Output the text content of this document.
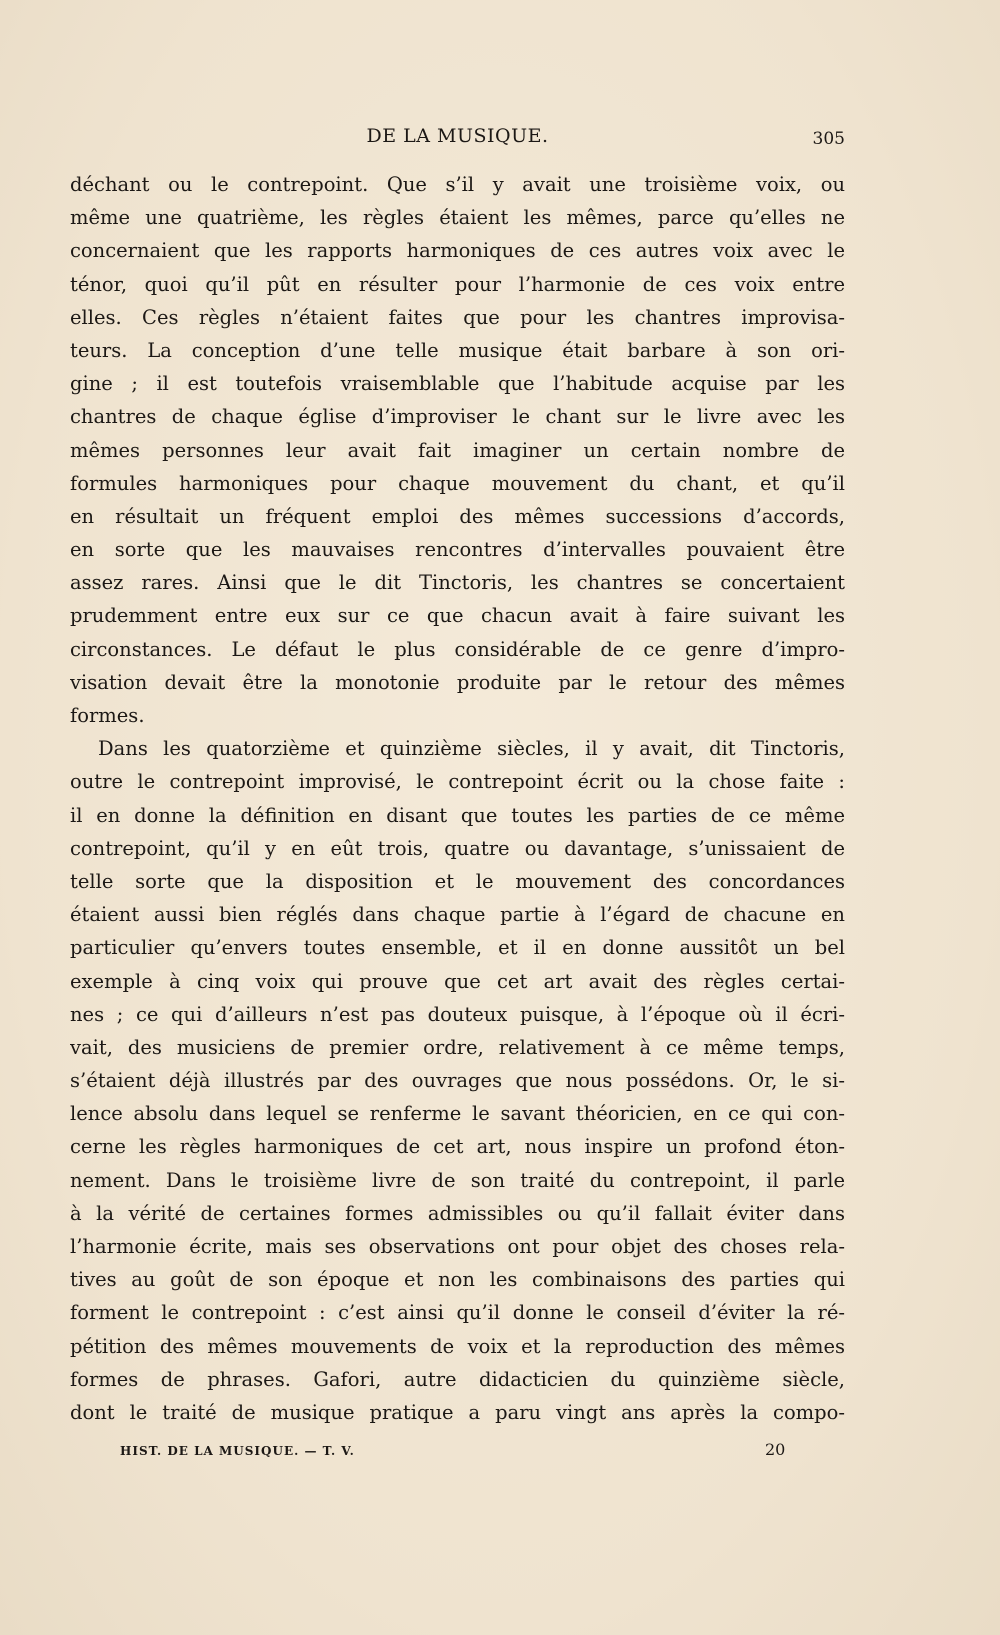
DE LA MUSIQUE.	305
déchant ou le contrepoint. Que s’il y avait une troisième voix, ou
même une quatrième, les règles étaient les mêmes, parce qu’elles ne
concernaient que les rapports harmoniques de ces autres voix avec le
ténor, quoi qu’il pût en résulter pour l’harmonie de ces voix entre
elles. Ces règles n’étaient faites que pour les chantres improvisa-
teurs. La conception d’une telle musique était barbare à son ori-
gine ; il est toutefois vraisemblable que l’habitude acquise par les
chantres de chaque église d’improviser le chant sur le livre avec les
mêmes personnes leur avait fait imaginer un certain nombre de
formules harmoniques pour chaque mouvement du chant, et qu’il
en résultait un fréquent emploi des mêmes successions d’accords,
en sorte que les mauvaises rencontres d’intervalles pouvaient être
assez rares. Ainsi que le dit Tinctoris, les chantres se concertaient
prudemment entre eux sur ce que chacun avait à faire suivant les
circonstances. Le défaut le plus considérable de ce genre d’impro-
visation devait être la monotonie produite par le retour des mêmes
formes.
Dans les quatorzième et quinzième siècles, il y avait, dit Tinctoris,
outre le contrepoint improvisé, le contrepoint écrit ou la chose faite :
il en donne la définition en disant que toutes les parties de ce même
contrepoint, qu’il y en eût trois, quatre ou davantage, s’unissaient de
telle sorte que la disposition et le mouvement des concordances
étaient aussi bien réglés dans chaque partie à l’égard de chacune en
particulier qu’envers toutes ensemble, et il en donne aussitôt un bel
exemple à cinq voix qui prouve que cet art avait des règles certai-
nes ; ce qui d’ailleurs n’est pas douteux puisque, à l’époque où il écri-
vait, des musiciens de premier ordre, relativement à ce même temps,
s’étaient déjà illustrés par des ouvrages que nous possédons. Or, le si-
lence absolu dans lequel se renferme le savant théoricien, en ce qui con-
cerne les règles harmoniques de cet art, nous inspire un profond éton-
nement. Dans le troisième livre de son traité du contrepoint, il parle
à la vérité de certaines formes admissibles ou qu’il fallait éviter dans
l’harmonie écrite, mais ses observations ont pour objet des choses rela-
tives au goût de son époque et non les combinaisons des parties qui
forment le contrepoint : c’est ainsi qu’il donne le conseil d’éviter la ré-
pétition des mêmes mouvements de voix et la reproduction des mêmes
formes de phrases. Gafori, autre didacticien du quinzième siècle,
dont le traité de musique pratique a paru vingt ans après la compo-
HIST. DE LA MUSIQUE. — T. V.	20
